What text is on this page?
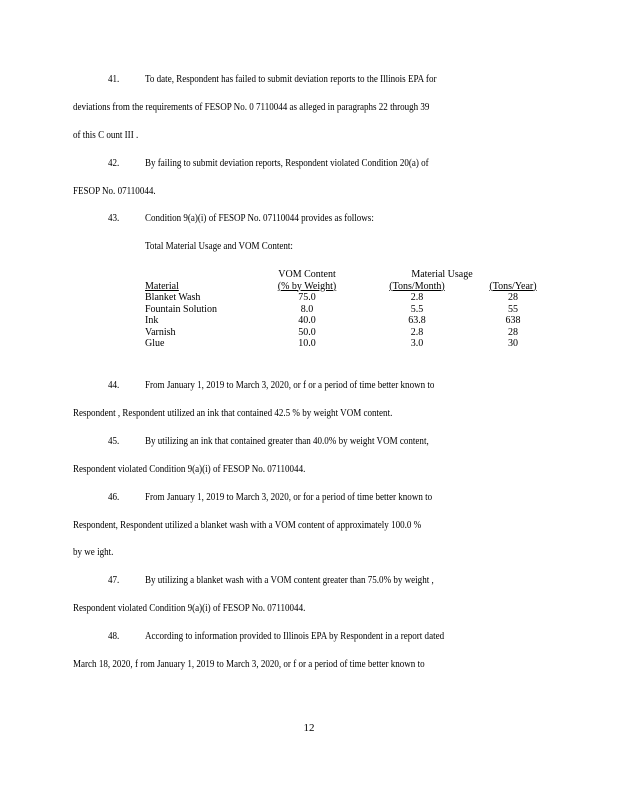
41. To date, Respondent has failed to submit deviation reports to the Illinois EPA for
deviations from the requirements of FESOP No. 0 7110044 as alleged in paragraphs 22 through 39
of this C ount III .
42. By failing to submit deviation reports, Respondent violated Condition 20(a) of
FESOP No. 07110044.
43. Condition 9(a)(i) of FESOP No. 07110044 provides as follows:
Total Material Usage and VOM Content:
	VOM Content	Material Usage	
Material	(% by Weight)	(Tons/Month)	(Tons/Year)
Blanket Wash	75.0	2.8	28
Fountain Solution	8.0	5.5	55
Ink	40.0	63.8	638
Varnish	50.0	2.8	28
Glue	10.0	3.0	30
44. From January 1, 2019 to March 3, 2020, or f or a period of time better known to
Respondent , Respondent utilized an ink that contained 42.5 % by weight VOM content.
45. By utilizing an ink that contained greater than 40.0% by weight VOM content,
Respondent violated Condition 9(a)(i) of FESOP No. 07110044.
46. From January 1, 2019 to March 3, 2020, or for a period of time better known to
Respondent, Respondent utilized a blanket wash with a VOM content of approximately 100.0 %
by we ight.
47. By utilizing a blanket wash with a VOM content greater than 75.0% by weight ,
Respondent violated Condition 9(a)(i) of FESOP No. 07110044.
48. According to information provided to Illinois EPA by Respondent in a report dated
March 18, 2020, f rom January 1, 2019 to March 3, 2020, or f or a period of time better known to
12
